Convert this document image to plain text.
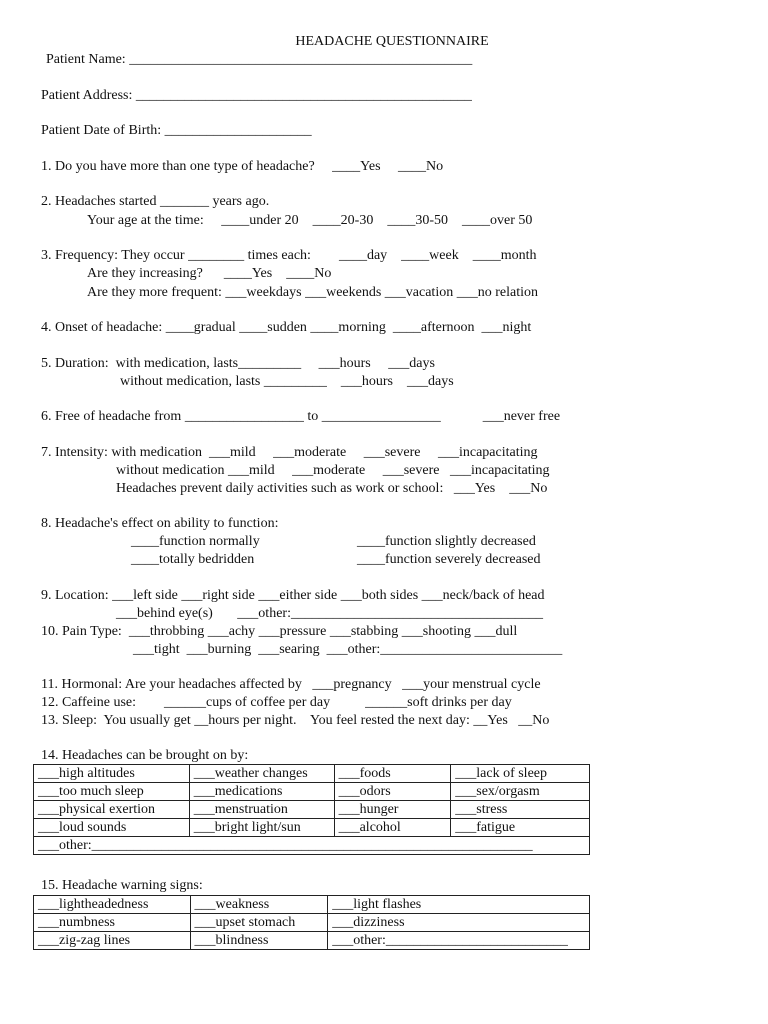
HEADACHE QUESTIONNAIRE
Patient Name: _________________________________________________
Patient Address: ________________________________________________
Patient Date of Birth: _____________________
1. Do you have more than one type of headache?     ____Yes     ____No
2. Headaches started _______ years ago.
Your age at the time:     ____under 20    ____20-30    ____30-50    ____over 50
3. Frequency: They occur ________ times each:        ____day    ____week    ____month
Are they increasing?      ____Yes    ____No
Are they more frequent: ___weekdays ___weekends ___vacation ___no relation
4. Onset of headache: ____gradual ____sudden ____morning  ____afternoon  ___night
5. Duration:  with medication, lasts_________     ___hours     ___days
without medication, lasts _________    ___hours    ___days
6. Free of headache from _________________ to _________________            ___never free
7. Intensity: with medication  ___mild     ___moderate     ___severe     ___incapacitating
without medication ___mild     ___moderate     ___severe   ___incapacitating
Headaches prevent daily activities such as work or school:   ___Yes    ___No
8. Headache's effect on ability to function:
____function normally	____function slightly decreased
____totally bedridden	____function severely decreased
9. Location: ___left side ___right side ___either side ___both sides ___neck/back of head
___behind eye(s)       ___other:____________________________________
10. Pain Type:  ___throbbing ___achy ___pressure ___stabbing ___shooting ___dull
___tight  ___burning  ___searing  ___other:__________________________
11. Hormonal: Are your headaches affected by   ___pregnancy   ___your menstrual cycle
12. Caffeine use:        ______cups of coffee per day          ______soft drinks per day
13. Sleep:  You usually get __hours per night.    You feel rested the next day: __Yes   __No
14. Headaches can be brought on by:
___high altitudes	___weather changes	___foods	___lack of sleep
___too much sleep	___medications	___odors	___sex/orgasm
___physical exertion	___menstruation	___hunger	___stress
___loud sounds	___bright light/sun	___alcohol	___fatigue
___other:_______________________________________________________________			
15. Headache warning signs:
___lightheadedness	___weakness	___light flashes
___numbness	___upset stomach	___dizziness
___zig-zag lines	___blindness	___other:__________________________
